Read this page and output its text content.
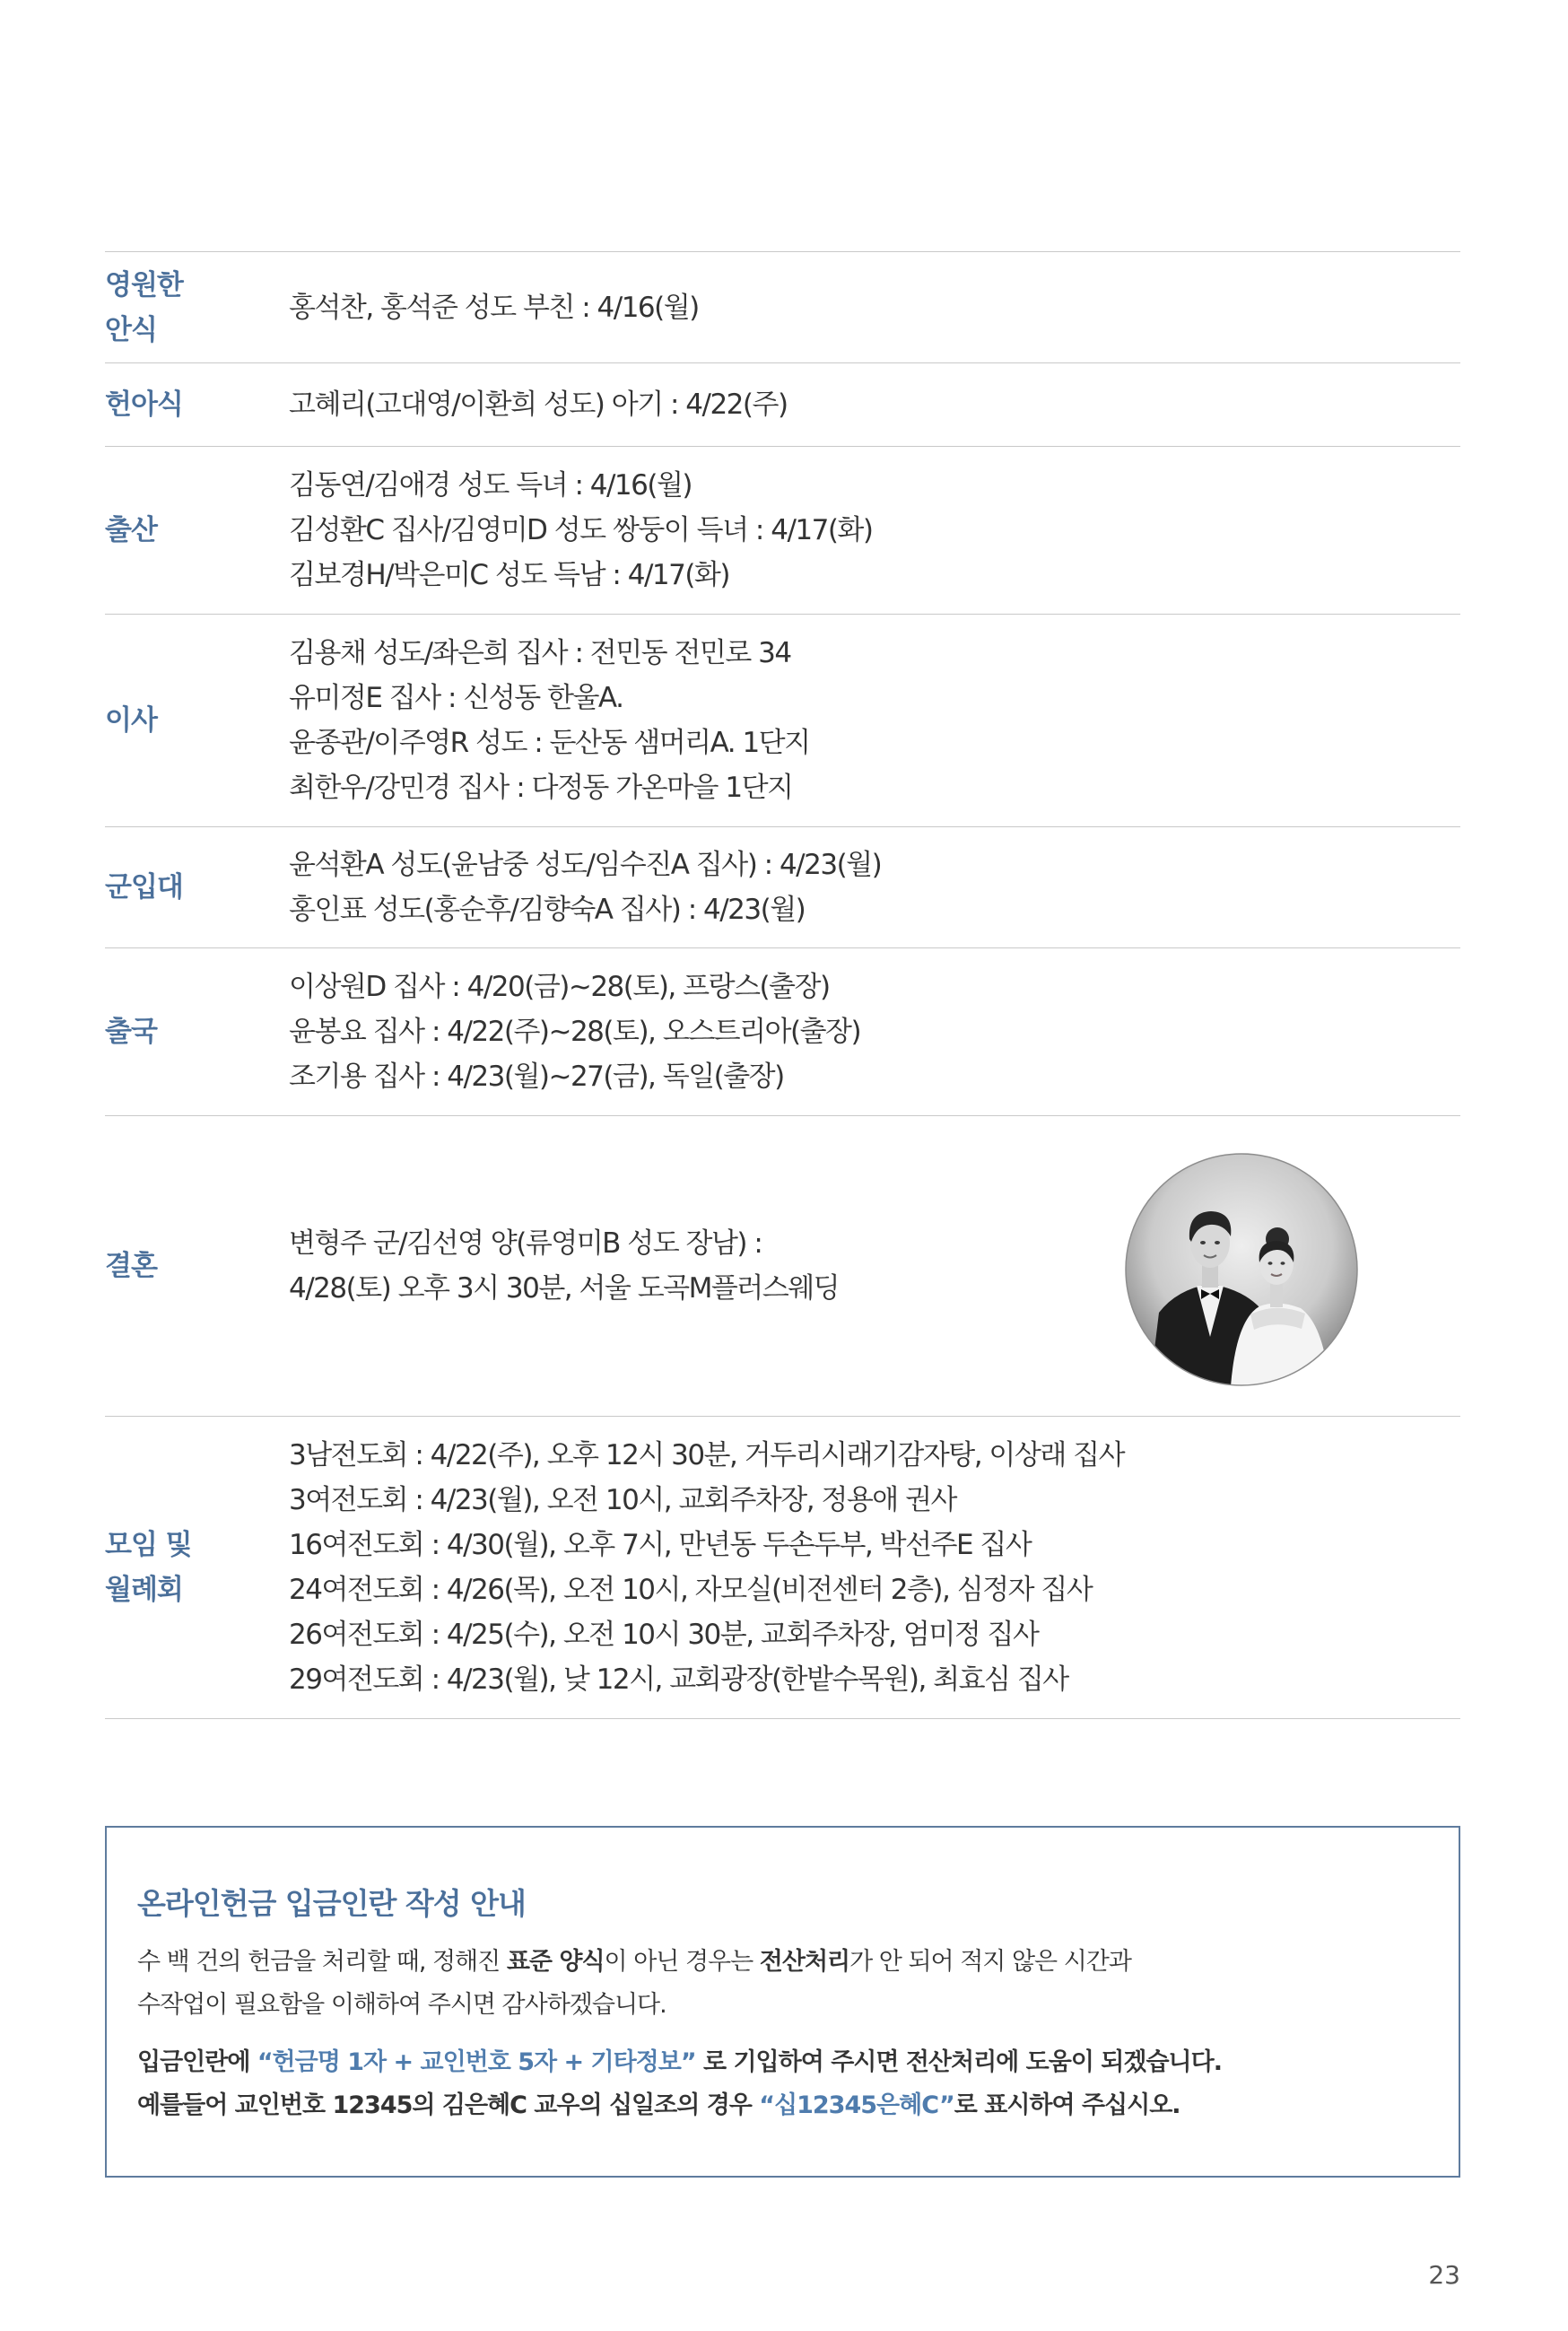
영원한
안식
홍석찬, 홍석준 성도 부친 : 4/16(월)
헌아식	고혜리(고대영/이환희 성도) 아기 : 4/22(주)
출산
김동연/김애경 성도 득녀 : 4/16(월)
김성환C 집사/김영미D 성도 쌍둥이 득녀 : 4/17(화)
김보경H/박은미C 성도 득남 : 4/17(화)
이사
김용채 성도/좌은희 집사 : 전민동 전민로 34
유미정E 집사 : 신성동 한울A.
윤종관/이주영R 성도 : 둔산동 샘머리A. 1단지
최한우/강민경 집사 : 다정동 가온마을 1단지
군입대
윤석환A 성도(윤남중 성도/임수진A 집사) : 4/23(월)
홍인표 성도(홍순후/김향숙A 집사) : 4/23(월)
출국
이상원D 집사 : 4/20(금)~28(토), 프랑스(출장)
윤봉요 집사 : 4/22(주)~28(토), 오스트리아(출장)
조기용 집사 : 4/23(월)~27(금), 독일(출장)
결혼
변형주 군/김선영 양(류영미B 성도 장남) :
4/28(토) 오후 3시 30분, 서울 도곡M플러스웨딩
모임 및
월례회
3남전도회 : 4/22(주), 오후 12시 30분, 거두리시래기감자탕, 이상래 집사
3여전도회 : 4/23(월), 오전 10시, 교회주차장, 정용애 권사
16여전도회 : 4/30(월), 오후 7시, 만년동 두손두부, 박선주E 집사
24여전도회 : 4/26(목), 오전 10시, 자모실(비전센터 2층), 심정자 집사
26여전도회 : 4/25(수), 오전 10시 30분, 교회주차장, 엄미정 집사
29여전도회 : 4/23(월), 낮 12시, 교회광장(한밭수목원), 최효심 집사
온라인헌금 입금인란 작성 안내
수 백 건의 헌금을 처리할 때, 정해진 표준 양식이 아닌 경우는 전산처리가 안 되어 적지 않은 시간과
수작업이 필요함을 이해하여 주시면 감사하겠습니다.
입금인란에 “헌금명 1자 + 교인번호 5자 + 기타정보” 로 기입하여 주시면 전산처리에 도움이 되겠습니다.
예를들어 교인번호 12345의 김은혜C 교우의 십일조의 경우 “십12345은혜C”로 표시하여 주십시오.
23
